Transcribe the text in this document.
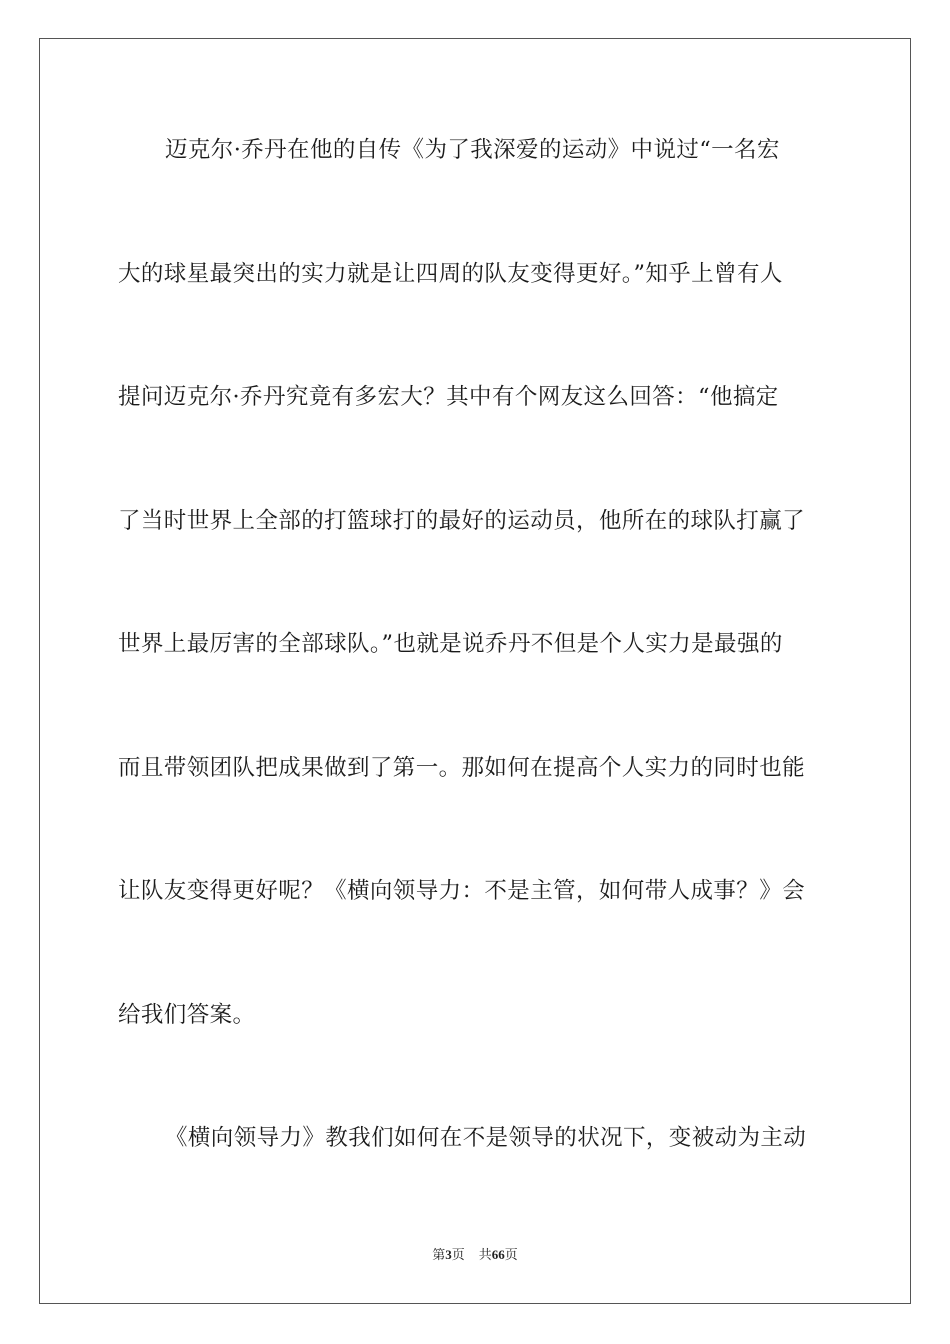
迈克尔·乔丹在他的自传《为了我深爱的运动》中说过“一名宏
大的球星最突出的实力就是让四周的队友变得更好。”知乎上曾有人
提问迈克尔·乔丹究竟有多宏大？其中有个网友这么回答：“他搞定
了当时世界上全部的打篮球打的最好的运动员，他所在的球队打赢了
世界上最厉害的全部球队。”也就是说乔丹不但是个人实力是最强的
而且带领团队把成果做到了第一。那如何在提高个人实力的同时也能
让队友变得更好呢？《横向领导力：不是主管，如何带人成事？》会
给我们答案。
《横向领导力》教我们如何在不是领导的状况下，变被动为主动
第3页 共66页
